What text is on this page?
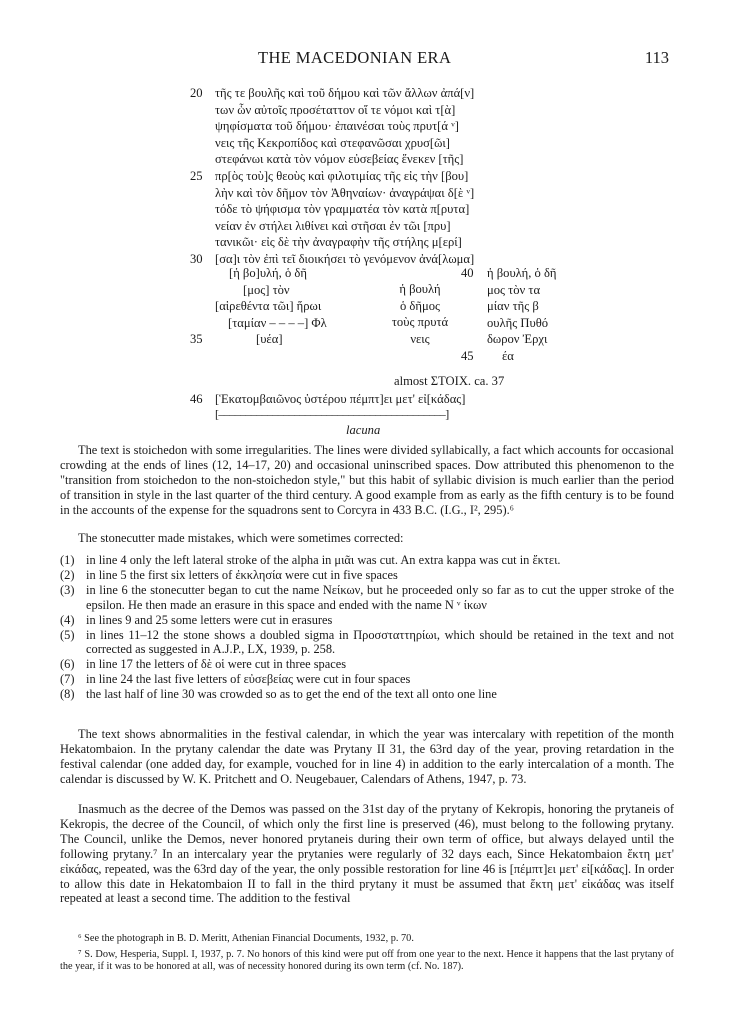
THE MACEDONIAN ERA	113
20 τῆς τε βουλῆς καὶ τοῦ δήμου καὶ τῶν ἄλλων ἀπά[ν]
των ὧν αὐτοῖς προσέταττον οἵ τε νόμοι καὶ τ[ὰ]
ψηφίσματα τοῦ δήμου· ἐπαινέσαι τοὺς πρυτ[ά ᵛ]
νεις τῆς Κεκροπίδος καὶ στεφανῶσαι χρυσ[ῶι]
στεφάνωι κατὰ τὸν νόμον εὐσεβείας ἕνεκεν [τῆς]
25 πρ[ὸς τοὺ]ς θεοὺς καὶ φιλοτιμίας τῆς εἰς τὴν [βου]
λὴν καὶ τὸν δῆμον τὸν Ἀθηναίων· ἀναγράψαι δ[ὲ ᵛ]
τόδε τὸ ψήφισμα τὸν γραμματέα τὸν κατὰ π[ρυτα]
νείαν ἐν στήλει λιθίνει καὶ στῆσαι ἐν τῶι [πρυ]
τανικῶι· εἰς δὲ τὴν ἀναγραφὴν τῆς στήλης μ[ερί]
30 [σα]ι τὸν ἐπὶ τεῖ διοικήσει τὸ γενόμενον ἀνά[λωμα]
[ἡ βο]υλή, ὁ δῆ
[μος] τὸν
[αἱρεθέντα τῶι] ἥρωι
[ταμίαν – – – –] Φλ
35	[υέα]
ἡ βουλή
ὁ δῆμος
τοὺς πρυτά
νεις
40 ἡ βουλή, ὁ δῆ
μος τὸν τα
μίαν τῆς β
ουλῆς Πυθό
δωρον Ἐρχι
45 έα
almost ΣΤΟΙΧ. ca. 37
46 [Ἑκατομβαιῶνος ὑστέρου πέμπτ]ει μετ' εἰ[κάδας]
[––––––––––––––––––––––––––––––––––––––––––]
lacuna

The text is stoichedon with some irregularities. The lines were divided syllabically, a fact which accounts for occasional crowding at the ends of lines (12, 14–17, 20) and occasional uninscribed spaces. Dow attributed this phenomenon to the "transition from stoichedon to the non-stoichedon style," but this habit of syllabic division is much earlier than the period of transition in style in the last quarter of the third century. A good example from as early as the fifth century is to be found in the accounts of the expense for the squadrons sent to Corcyra in 433 B.C. (I.G., I², 295).⁶

The stonecutter made mistakes, which were sometimes corrected:

(1) in line 4 only the left lateral stroke of the alpha in μιᾶι was cut. An extra kappa was cut in ἔκτει.
(2) in line 5 the first six letters of ἐκκλησία were cut in five spaces
(3) in line 6 the stonecutter began to cut the name Νείκων, but he proceeded only so far as to cut the upper stroke of the epsilon. He then made an erasure in this space and ended with the name Ν ᵛ ίκων
(4) in lines 9 and 25 some letters were cut in erasures
(5) in lines 11–12 the stone shows a doubled sigma in Προσσταττηρίωι, which should be retained in the text and not corrected as suggested in A.J.P., LX, 1939, p. 258.
(6) in line 17 the letters of δὲ οἱ were cut in three spaces
(7) in line 24 the last five letters of εὐσεβείας were cut in four spaces
(8) the last half of line 30 was crowded so as to get the end of the text all onto one line

The text shows abnormalities in the festival calendar, in which the year was intercalary with repetition of the month Hekatombaion. In the prytany calendar the date was Prytany II 31, the 63rd day of the year, proving retardation in the festival calendar (one added day, for example, vouched for in line 4) in addition to the early intercalation of a month. The calendar is discussed by W. K. Pritchett and O. Neugebauer, Calendars of Athens, 1947, p. 73.

Inasmuch as the decree of the Demos was passed on the 31st day of the prytany of Kekropis, honoring the prytaneis of Kekropis, the decree of the Council, of which only the first line is preserved (46), must belong to the following prytany. The Council, unlike the Demos, never honored prytaneis during their own term of office, but always delayed until the following prytany.⁷ In an intercalary year the prytanies were regularly of 32 days each, Since Hekatombaion ἕκτη μετ' εἰκάδας, repeated, was the 63rd day of the year, the only possible restoration for line 46 is [πέμπτ]ει μετ' εἰ[κάδας]. In order to allow this date in Hekatombaion II to fall in the third prytany it must be assumed that ἕκτη μετ' εἰκάδας was itself repeated at least a second time. The addition to the festival

⁶ See the photograph in B. D. Meritt, Athenian Financial Documents, 1932, p. 70.

⁷ S. Dow, Hesperia, Suppl. I, 1937, p. 7. No honors of this kind were put off from one year to the next. Hence it happens that the last prytany of the year, if it was to be honored at all, was of necessity honored during its own term (cf. No. 187).
